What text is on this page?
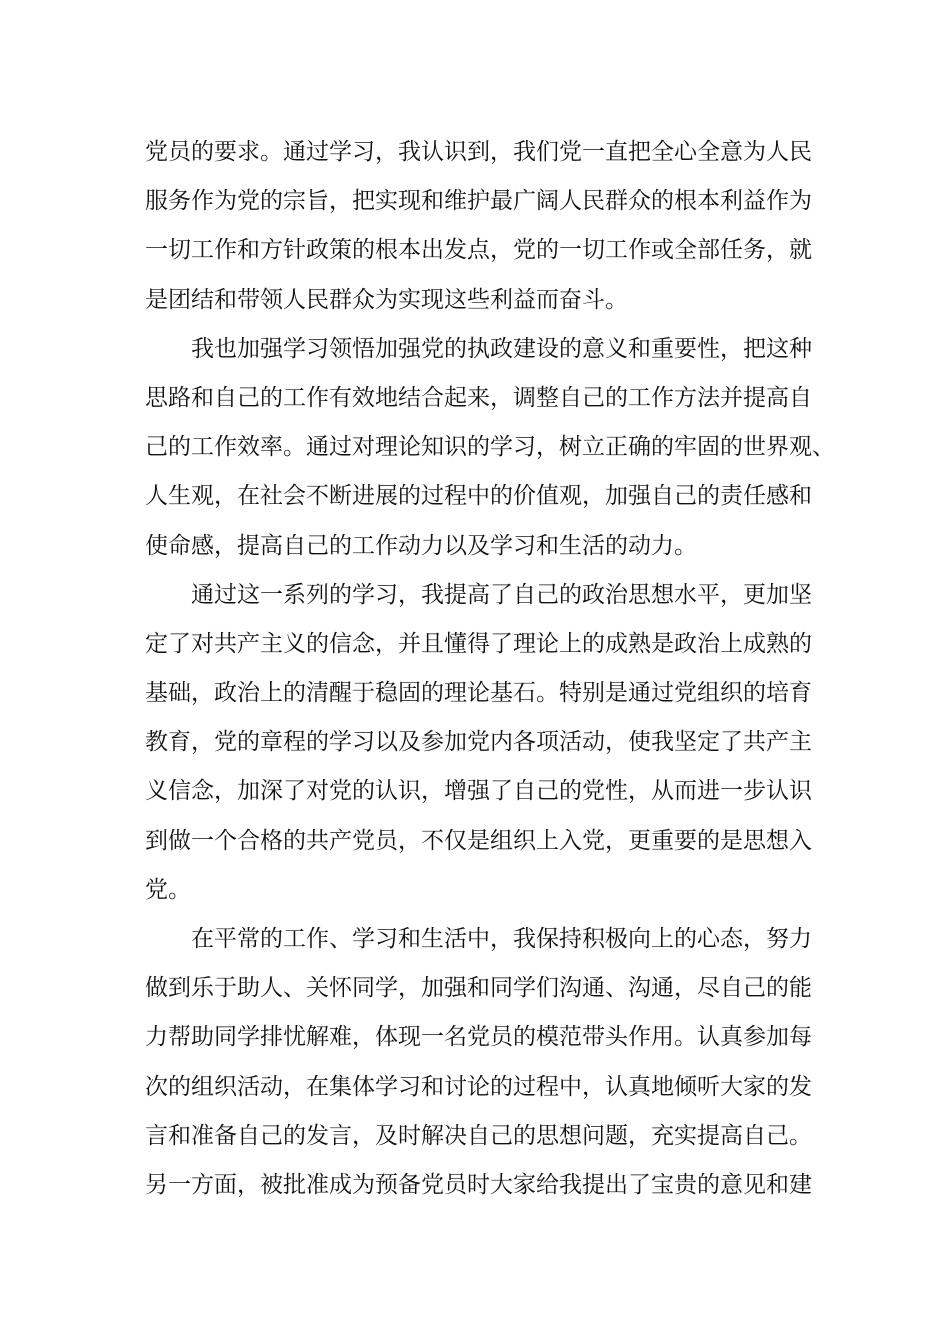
党员的要求。通过学习，我认识到，我们党一直把全心全意为人民
服务作为党的宗旨，把实现和维护最广阔人民群众的根本利益作为
一切工作和方针政策的根本出发点，党的一切工作或全部任务，就
是团结和带领人民群众为实现这些利益而奋斗。
我也加强学习领悟加强党的执政建设的意义和重要性，把这种
思路和自己的工作有效地结合起来，调整自己的工作方法并提高自
己的工作效率。通过对理论知识的学习，树立正确的牢固的世界观、
人生观，在社会不断进展的过程中的价值观，加强自己的责任感和
使命感，提高自己的工作动力以及学习和生活的动力。
通过这一系列的学习，我提高了自己的政治思想水平，更加坚
定了对共产主义的信念，并且懂得了理论上的成熟是政治上成熟的
基础，政治上的清醒于稳固的理论基石。特别是通过党组织的培育
教育，党的章程的学习以及参加党内各项活动，使我坚定了共产主
义信念，加深了对党的认识，增强了自己的党性，从而进一步认识
到做一个合格的共产党员，不仅是组织上入党，更重要的是思想入
党。
在平常的工作、学习和生活中，我保持积极向上的心态，努力
做到乐于助人、关怀同学，加强和同学们沟通、沟通，尽自己的能
力帮助同学排忧解难，体现一名党员的模范带头作用。认真参加每
次的组织活动，在集体学习和讨论的过程中，认真地倾听大家的发
言和准备自己的发言，及时解决自己的思想问题，充实提高自己。
另一方面，被批准成为预备党员时大家给我提出了宝贵的意见和建
